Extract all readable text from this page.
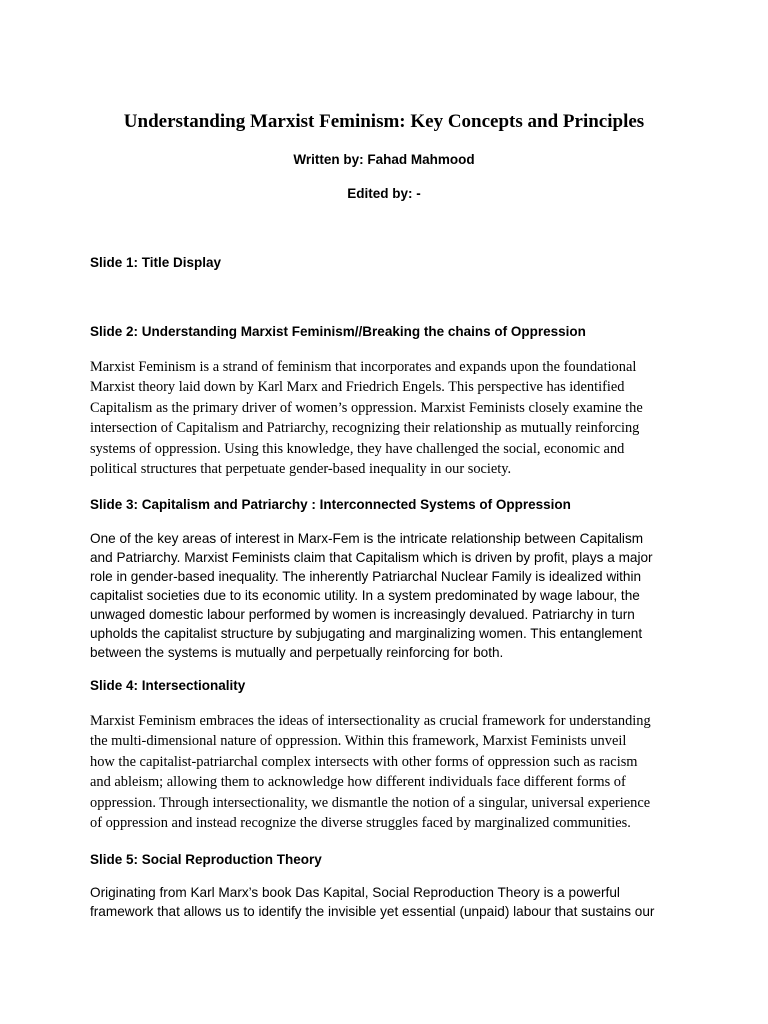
Understanding Marxist Feminism: Key Concepts and Principles
Written by: Fahad Mahmood
Edited by: -
Slide 1: Title Display
Slide 2: Understanding Marxist Feminism//Breaking the chains of Oppression
Marxist Feminism is a strand of feminism that incorporates and expands upon the foundational
Marxist theory laid down by Karl Marx and Friedrich Engels. This perspective has identified
Capitalism as the primary driver of women’s oppression. Marxist Feminists closely examine the
intersection of Capitalism and Patriarchy, recognizing their relationship as mutually reinforcing
systems of oppression. Using this knowledge, they have challenged the social, economic and
political structures that perpetuate gender-based inequality in our society.
Slide 3: Capitalism and Patriarchy : Interconnected Systems of Oppression
One of the key areas of interest in Marx-Fem is the intricate relationship between Capitalism
and Patriarchy. Marxist Feminists claim that Capitalism which is driven by profit, plays a major
role in gender-based inequality. The inherently Patriarchal Nuclear Family is idealized within
capitalist societies due to its economic utility. In a system predominated by wage labour, the
unwaged domestic labour performed by women is increasingly devalued. Patriarchy in turn
upholds the capitalist structure by subjugating and marginalizing women. This entanglement
between the systems is mutually and perpetually reinforcing for both.
Slide 4: Intersectionality
Marxist Feminism embraces the ideas of intersectionality as crucial framework for understanding
the multi-dimensional nature of oppression. Within this framework, Marxist Feminists unveil
how the capitalist-patriarchal complex intersects with other forms of oppression such as racism
and ableism; allowing them to acknowledge how different individuals face different forms of
oppression. Through intersectionality, we dismantle the notion of a singular, universal experience
of oppression and instead recognize the diverse struggles faced by marginalized communities.
Slide 5: Social Reproduction Theory
Originating from Karl Marx’s book Das Kapital, Social Reproduction Theory is a powerful
framework that allows us to identify the invisible yet essential (unpaid) labour that sustains our
